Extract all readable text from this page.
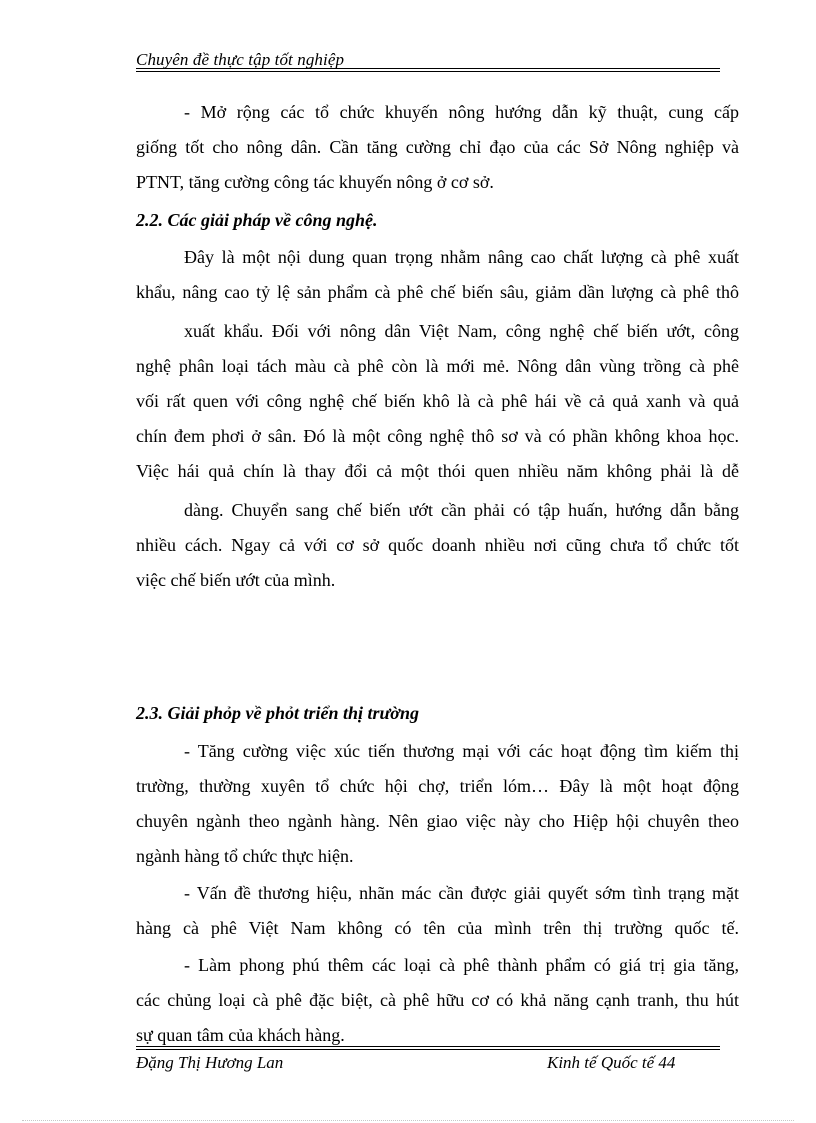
Chuyên đề thực tập tốt nghiệp
- Mở rộng các tổ chức khuyến nông hướng dẫn kỹ thuật, cung cấp
giống tốt cho nông dân. Cần tăng cường chỉ đạo của các Sở Nông nghiệp và
PTNT, tăng cường công tác khuyến nông ở cơ sở.
2.2. Các giải pháp về công nghệ.
Đây là một nội dung quan trọng nhằm nâng cao chất lượng cà phê xuất
khẩu, nâng cao tỷ lệ sản phẩm cà phê chế biến sâu, giảm dần lượng cà phê thô
xuất khẩu. Đối với nông dân Việt Nam, công nghệ chế biến ướt, công
nghệ phân loại tách màu cà phê còn là mới mẻ. Nông dân vùng trồng cà phê
vối rất quen với công nghệ chế biến khô là cà phê hái về cả quả xanh và quả
chín đem phơi ở sân. Đó là một công nghệ thô sơ và có phần không khoa học.
Việc hái quả chín là thay đổi cả một thói quen nhiều năm không phải là dễ
dàng. Chuyển sang chế biến ướt cần phải có tập huấn, hướng dẫn bằng
nhiều cách. Ngay cả với cơ sở quốc doanh nhiều nơi cũng chưa tổ chức tốt
việc chế biến ướt của mình.
2.3. Giải phỏp về phỏt triển thị trường
- Tăng cường việc xúc tiến thương mại với các hoạt động tìm kiếm thị
trường, thường xuyên tổ chức hội chợ, triển lóm… Đây là một hoạt động
chuyên ngành theo ngành hàng. Nên giao việc này cho Hiệp hội chuyên theo
ngành hàng tổ chức thực hiện.
- Vấn đề thương hiệu, nhãn mác cần được giải quyết sớm tình trạng mặt
hàng cà phê Việt Nam không có tên của mình trên thị trường quốc tế.
- Làm phong phú thêm các loại cà phê thành phẩm có giá trị gia tăng,
các chủng loại cà phê đặc biệt, cà phê hữu cơ có khả năng cạnh tranh, thu hút
sự quan tâm của khách hàng.
Đặng Thị Hương Lan	Kinh tế Quốc tế 44
